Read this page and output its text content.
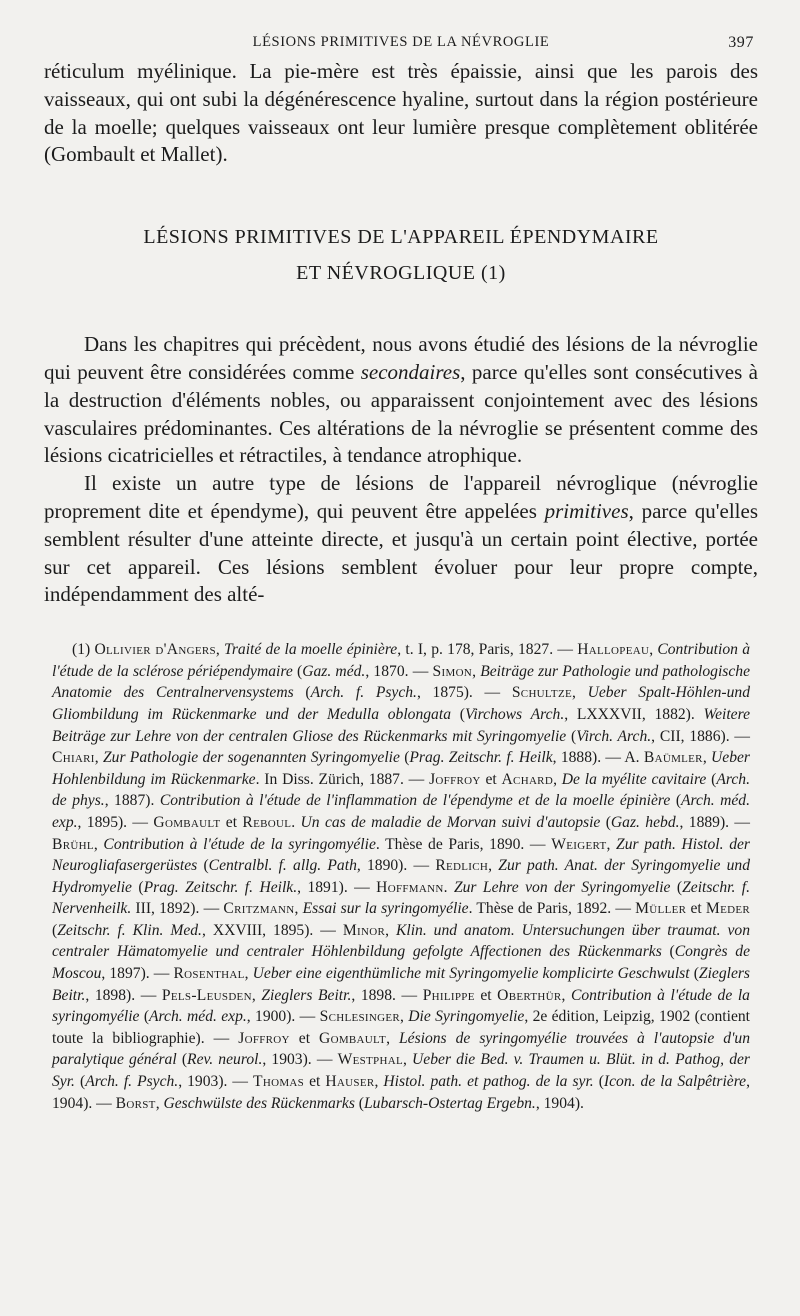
LÉSIONS PRIMITIVES DE LA NÉVROGLIE	397

réticulum myélinique. La pie-mère est très épaissie, ainsi que les parois des vaisseaux, qui ont subi la dégénérescence hyaline, surtout dans la région postérieure de la moelle; quelques vaisseaux ont leur lumière presque complètement oblitérée (Gombault et Mallet).

LÉSIONS PRIMITIVES DE L'APPAREIL ÉPENDYMAIRE
ET NÉVROGLIQUE (1)

Dans les chapitres qui précèdent, nous avons étudié des lésions de la névroglie qui peuvent être considérées comme secondaires, parce qu'elles sont consécutives à la destruction d'éléments nobles, ou apparaissent conjointement avec des lésions vasculaires prédominantes. Ces altérations de la névroglie se présentent comme des lésions cicatricielles et rétractiles, à tendance atrophique.

Il existe un autre type de lésions de l'appareil névroglique (névroglie proprement dite et épendyme), qui peuvent être appelées primitives, parce qu'elles semblent résulter d'une atteinte directe, et jusqu'à un certain point élective, portée sur cet appareil. Ces lésions semblent évoluer pour leur propre compte, indépendamment des alté-

(1) Ollivier d'Angers, Traité de la moelle épinière, t. I, p. 178, Paris, 1827. — Hallopeau, Contribution à l'étude de la sclérose périépendymaire (Gaz. méd., 1870. — Simon, Beiträge zur Pathologie und pathologische Anatomie des Centralnervensystems (Arch. f. Psych., 1875). — Schultze, Ueber Spalt-Höhlen-und Gliombildung im Rückenmarke und der Medulla oblongata (Virchows Arch., LXXXVII, 1882). Weitere Beiträge zur Lehre von der centralen Gliose des Rückenmarks mit Syringomyelie (Virch. Arch., CII, 1886). — Chiari, Zur Pathologie der sogenannten Syringomyelie (Prag. Zeitschr. f. Heilk, 1888). — A. Baümler, Ueber Hohlenbildung im Rückenmarke. In Diss. Zürich, 1887. — Joffroy et Achard, De la myélite cavitaire (Arch. de phys., 1887). Contribution à l'étude de l'inflammation de l'épendyme et de la moelle épinière (Arch. méd. exp., 1895). — Gombault et Reboul. Un cas de maladie de Morvan suivi d'autopsie (Gaz. hebd., 1889). — Brühl, Contribution à l'étude de la syringomyélie. Thèse de Paris, 1890. — Weigert, Zur path. Histol. der Neurogliafasergerüstes (Centralbl. f. allg. Path, 1890). — Redlich, Zur path. Anat. der Syringomyelie und Hydromyelie (Prag. Zeitschr. f. Heilk., 1891). — Hoffmann. Zur Lehre von der Syringomyelie (Zeitschr. f. Nervenheilk. III, 1892). — Critzmann, Essai sur la syringomyélie. Thèse de Paris, 1892. — Müller et Meder (Zeitschr. f. Klin. Med., XXVIII, 1895). — Minor, Klin. und anatom. Untersuchungen über traumat. von centraler Hämatomyelie und centraler Höhlenbildung gefolgte Affectionen des Rückenmarks (Congrès de Moscou, 1897). — Rosenthal, Ueber eine eigenthümliche mit Syringomyelie komplicirte Geschwulst (Zieglers Beitr., 1898). — Pels-Leusden, Zieglers Beitr., 1898. — Philippe et Oberthür, Contribution à l'étude de la syringomyélie (Arch. méd. exp., 1900). — Schlesinger, Die Syringomyelie, 2e édition, Leipzig, 1902 (contient toute la bibliographie). — Joffroy et Gombault, Lésions de syringomyélie trouvées à l'autopsie d'un paralytique général (Rev. neurol., 1903). — Westphal, Ueber die Bed. v. Traumen u. Blüt. in d. Pathog, der Syr. (Arch. f. Psych., 1903). — Thomas et Hauser, Histol. path. et pathog. de la syr. (Icon. de la Salpêtrière, 1904). — Borst, Geschwülste des Rückenmarks (Lubarsch-Ostertag Ergebn., 1904).
